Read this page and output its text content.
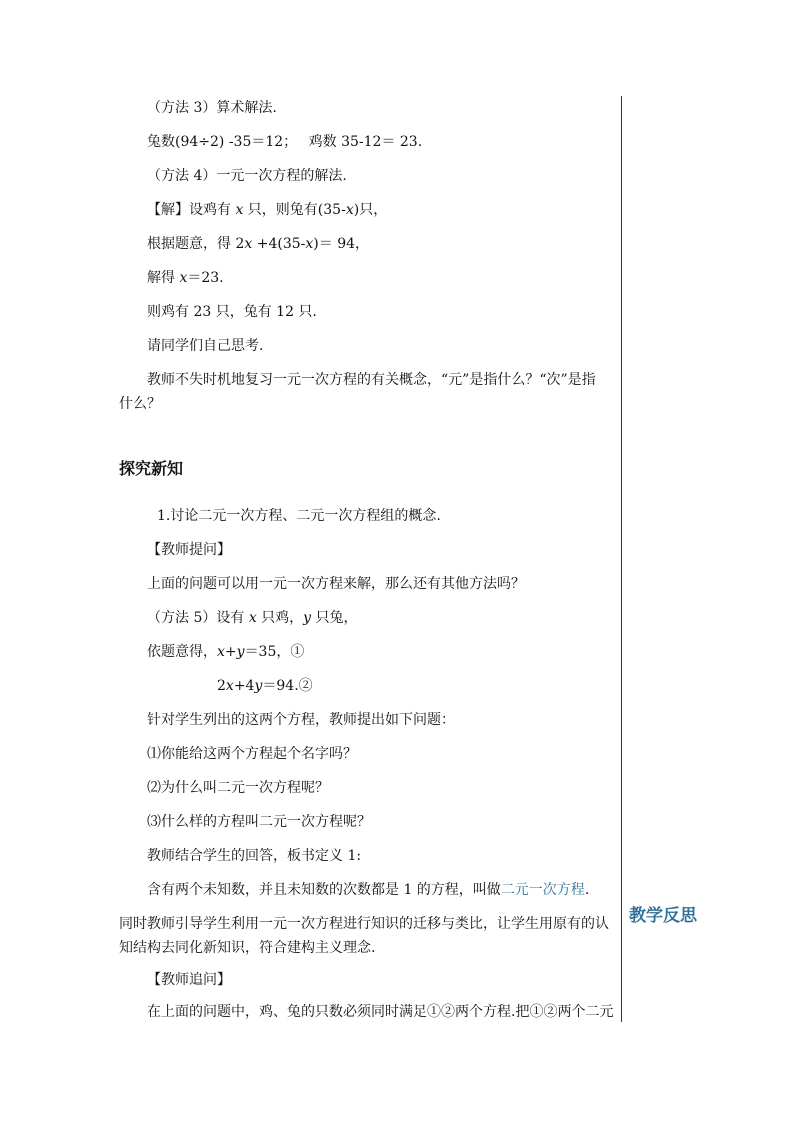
（方法 3）算术解法.
兔数(94÷2) -35＝12；　 鸡数 35-12＝ 23.
（方法 4）一元一次方程的解法.
【解】设鸡有 x 只，则兔有(35-x)只，
根据题意，得 2x +4(35-x)＝ 94，
解得 x＝23.
则鸡有 23 只，兔有 12 只.
请同学们自己思考.
教师不失时机地复习一元一次方程的有关概念，“元”是指什么？“次”是指
什么？
探究新知
1.讨论二元一次方程、二元一次方程组的概念.
【教师提问】
上面的问题可以用一元一次方程来解，那么还有其他方法吗？
（方法 5）设有 x 只鸡，y 只兔，
依题意得，x+y＝35，①
2x+4y＝94.②
针对学生列出的这两个方程，教师提出如下问题：
⑴你能给这两个方程起个名字吗？
⑵为什么叫二元一次方程呢？
⑶什么样的方程叫二元一次方程呢？
教师结合学生的回答，板书定义 1:
含有两个未知数，并且未知数的次数都是 1 的方程，叫做二元一次方程.
同时教师引导学生利用一元一次方程进行知识的迁移与类比，让学生用原有的认
知结构去同化新知识，符合建构主义理念.
【教师追问】
在上面的问题中，鸡、兔的只数必须同时满足①②两个方程.把①②两个二元
教学反思
